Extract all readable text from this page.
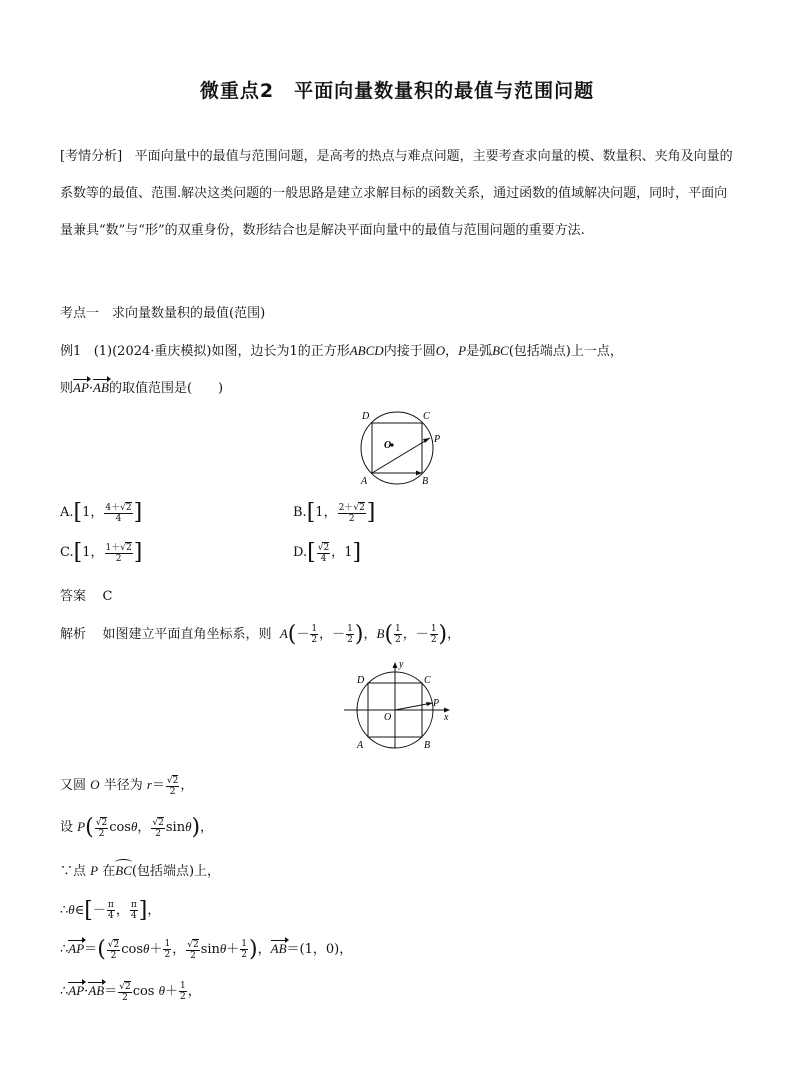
微重点2　平面向量数量积的最值与范围问题
[考情分析] 平面向量中的最值与范围问题，是高考的热点与难点问题，主要考查求向量的模、数量积、夹角及向量的系数等的最值、范围.解决这类问题的一般思路是建立求解目标的函数关系，通过函数的值域解决问题，同时，平面向量兼具“数”与“形”的双重身份，数形结合也是解决平面向量中的最值与范围问题的重要方法.
考点一　求向量数量积的最值(范围)
例1 (1)(2024·重庆模拟)如图，边长为1的正方形ABCD内接于圆O，P是弧BC(包括端点)上一点，
则AP·AB的取值范围是(　　)
D	C
O
P
A	B
A.[1， $\frac{4+√2}{4}$ ]	B.[1， $\frac{2+√2}{2}$ ]
C.[1， $\frac{1+√2}{2}$ ]	$D.[ \frac{√2}{4}$ ，1]
答案 C
解析 如图建立平面直角坐标系，则 $A(- \frac{1}{2}$ ，－ $\frac{1}{2}$ )，$B( \frac{1}{2}$ ，－ $\frac{1}{2}$ )，
y
D	C
O
P
x
A	B
又圆 O 半径为 $r= \frac{√2}{2}$ ，
设 $P( \frac{√2}{2}$ cosθ， $\frac{√2}{2} \sin\theta$)，
∵点 P 在BC(包括端点)上，
∴θ∈[－ $\frac{\pi}{4}$ ， $\frac{\pi}{4}$ ]，
∴AP＝( $\frac{√2}{2} \cos\theta+ \frac{1}{2}$ ， $\frac{√2}{2} \sin\theta+ \frac{1}{2}$ )，AB＝(1，0)，
∴AP·AB＝ $\frac{√2}{2}$ $\cos \theta+ \frac{1}{2}$ ，
